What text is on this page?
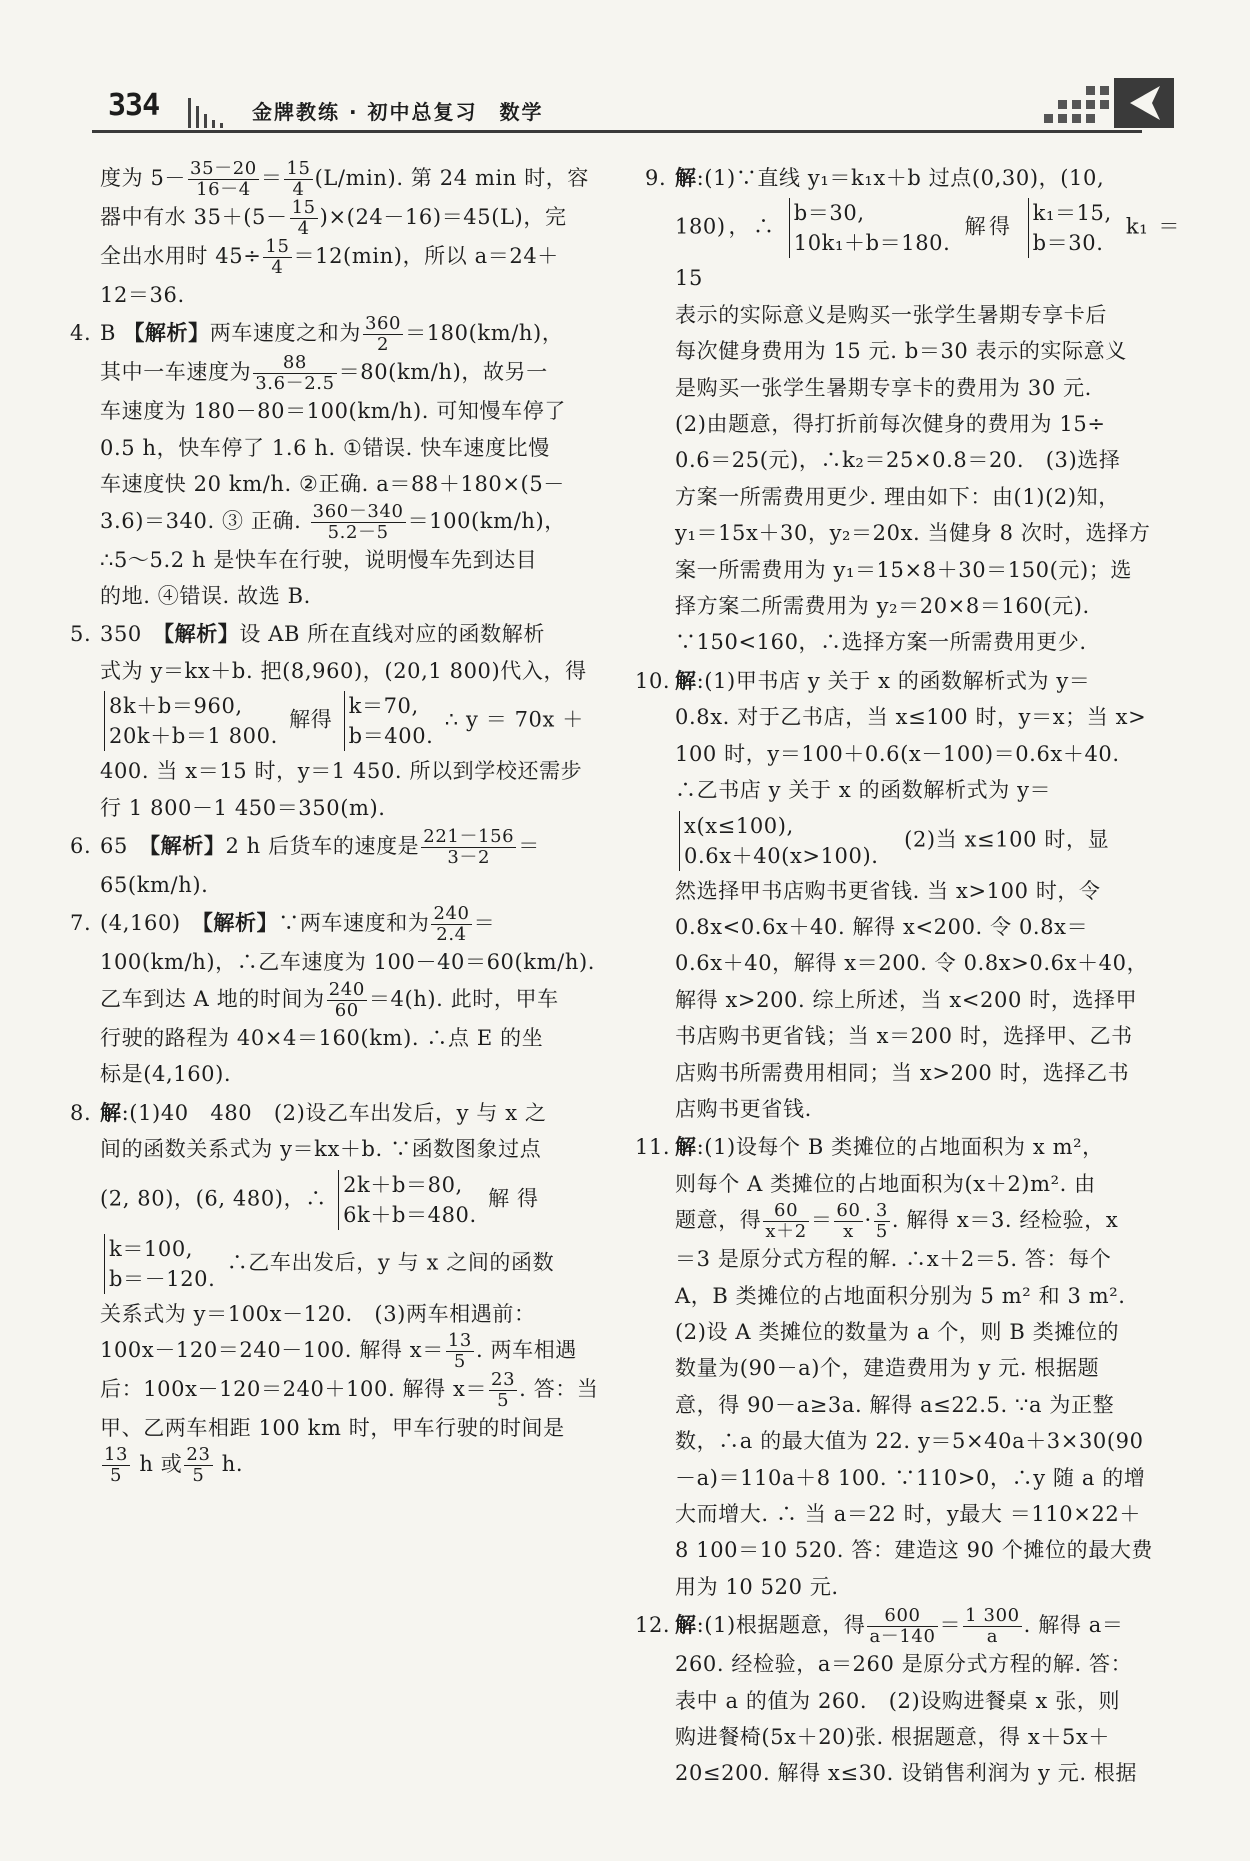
334	金牌教练 · 初中总复习　数学
度为 $5- \frac{35-20}{16-4} = \frac{15}{4} (L/\min)$. 第 24 min 时，容
器中有水 $35+(5- \frac{15}{4} )\times(24-16)=45(L)$，完
全出水用时 $45\div \frac{15}{4} =12(\min)$，所以 a＝24＋
12＝36.
4. B 【解析】两车速度之和为 $\frac{360}{2} =180(km/h)$，
其中一车速度为 $\frac{88}{3.6-2.5} =80(km/h)$，故另一
车速度为 180－80＝100(km/h). 可知慢车停了
0.5 h，快车停了 1.6 h. ①错误. 快车速度比慢
车速度快 20 km/h. ②正确. a＝88＋180×(5－
3.6)＝340. ③ 正确. $\frac{360-340}{5.2-5} =100(km/h)$，
∴5～5.2 h 是快车在行驶，说明慢车先到达目
的地. ④错误. 故选 B.
5. 350　 【解析】设 AB 所在直线对应的函数解析
式为 y＝kx＋b. 把(8,960)，(20,1 800)代入，得
8k＋b＝960,
20k＋b＝1 800.
解得
k＝70,
b＝400.
∴ y ＝ 70x ＋
400. 当 x＝15 时，y＝1 450. 所以到学校还需步
行 1 800－1 450＝350(m).
6. 65　 【解析】2 h 后货车的速度是 $\frac{221-156}{3-2}$ ＝
65(km/h).
7. (4,160)　 【解析】∵两车速度和为 $\frac{240}{2.4}$ ＝
100(km/h)，∴乙车速度为 100－40＝60(km/h).
乙车到达 A 地的时间为 $\frac{240}{60} =4(h)$. 此时，甲车
行驶的路程为 40×4＝160(km). ∴点 E 的坐
标是(4,160).
8. 解:(1)40　480　(2)设乙车出发后，y 与 x 之
间的函数关系式为 y＝kx＋b. ∵函数图象过点
(2, 80)，(6, 480)，∴
2k＋b＝80,
6k＋b＝480.
解 得
k＝100,
b＝－120.
∴乙车出发后，y 与 x 之间的函数
关系式为 y＝100x－120.　(3)两车相遇前：
100x－120＝240－100. 解得 $x= \frac{13}{5}$ . 两车相遇
后：100x－120＝240＋100. 解得 $x= \frac{23}{5}$ . 答：当
甲、乙两车相距 100 km 时，甲车行驶的时间是
$\frac{13}{5}$ h 或 $\frac{23}{5} h$.
9. 解:(1)∵直线 y₁＝k₁x＋b 过点(0,30)，(10,
180)，∴
b＝30,
10k₁＋b＝180.
解得
k₁＝15,
b＝30.
k₁ ＝ 15
表示的实际意义是购买一张学生暑期专享卡后
每次健身费用为 15 元. b＝30 表示的实际意义
是购买一张学生暑期专享卡的费用为 30 元.
(2)由题意，得打折前每次健身的费用为 15÷
0.6＝25(元)，∴k₂＝25×0.8＝20.　(3)选择
方案一所需费用更少. 理由如下：由(1)(2)知，
y₁＝15x＋30，y₂＝20x. 当健身 8 次时，选择方
案一所需费用为 y₁＝15×8＋30＝150(元)；选
择方案二所需费用为 y₂＝20×8＝160(元).
∵150<160，∴选择方案一所需费用更少.
10. 解:(1)甲书店 y 关于 x 的函数解析式为 y＝
0.8x. 对于乙书店，当 x≤100 时，y＝x；当 x>
100 时，y＝100＋0.6(x－100)＝0.6x＋40.
∴乙书店 y 关于 x 的函数解析式为 y＝
x(x≤100),
0.6x＋40(x>100).
　(2)当 x≤100 时，显
然选择甲书店购书更省钱. 当 x>100 时，令
0.8x<0.6x＋40. 解得 x<200. 令 0.8x＝
0.6x＋40，解得 x＝200. 令 0.8x>0.6x＋40，
解得 x>200. 综上所述，当 x<200 时，选择甲
书店购书更省钱；当 x＝200 时，选择甲、乙书
店购书所需费用相同；当 x>200 时，选择乙书
店购书更省钱.
11. 解:(1)设每个 B 类摊位的占地面积为 x m²，
则每个 A 类摊位的占地面积为(x＋2)m². 由
题意，得 $\frac{60}{x+2} = \frac{60}{x} \cdot \frac{3}{5}$ . 解得 x＝3. 经检验，x
＝3 是原分式方程的解. ∴x＋2＝5. 答：每个
A，B 类摊位的占地面积分别为 5 m² 和 3 m².
(2)设 A 类摊位的数量为 a 个，则 B 类摊位的
数量为(90－a)个，建造费用为 y 元. 根据题
意，得 90－a≥3a. 解得 a≤22.5. ∵a 为正整
数，∴a 的最大值为 22. y＝5×40a＋3×30(90
－a)＝110a＋8 100. ∵110>0，∴y 随 a 的增
大而增大. ∴ 当 a＝22 时，y最大 ＝110×22＋
8 100＝10 520. 答：建造这 90 个摊位的最大费
用为 10 520 元.
12. 解:(1)根据题意，得 $\frac{600}{a-140} = \frac{1 300}{a}$ . 解得 a＝
260. 经检验，a＝260 是原分式方程的解. 答：
表中 a 的值为 260.　(2)设购进餐桌 x 张，则
购进餐椅(5x＋20)张. 根据题意，得 x＋5x＋
20≤200. 解得 x≤30. 设销售利润为 y 元. 根据
